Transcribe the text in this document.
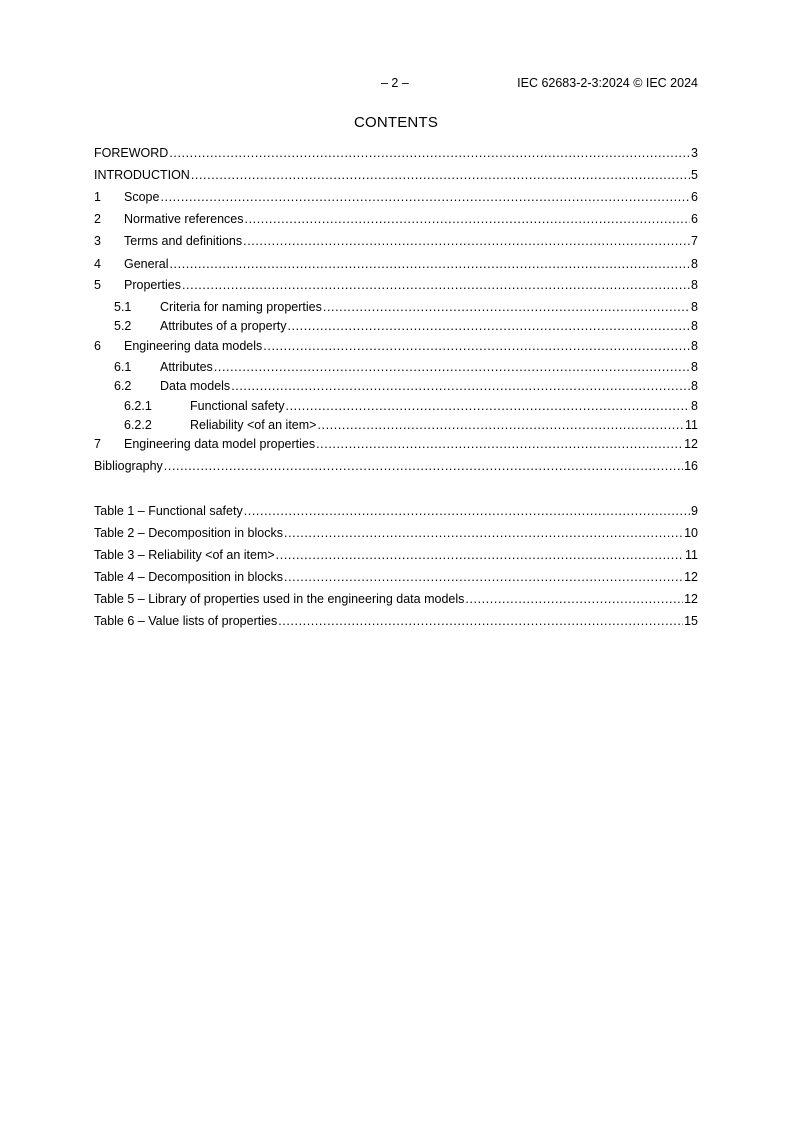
– 2 –	IEC 62683-2-3:2024 © IEC 2024
CONTENTS
FOREWORD .....	3
INTRODUCTION .....	5
1	Scope .....	6
2	Normative references .....	6
3	Terms and definitions .....	7
4	General .....	8
5	Properties .....	8
5.1	Criteria for naming properties .....	8
5.2	Attributes of a property .....	8
6	Engineering data models .....	8
6.1	Attributes .....	8
6.2	Data models .....	8
6.2.1	Functional safety .....	8
6.2.2	Reliability <of an item> .....	11
7	Engineering data model properties .....	12
Bibliography .....	16
Table 1 – Functional safety .....	9
Table 2 – Decomposition in blocks .....	10
Table 3 – Reliability <of an item> .....	11
Table 4 – Decomposition in blocks .....	12
Table 5 – Library of properties used in the engineering data models .....	12
Table 6 – Value lists of properties .....	15
